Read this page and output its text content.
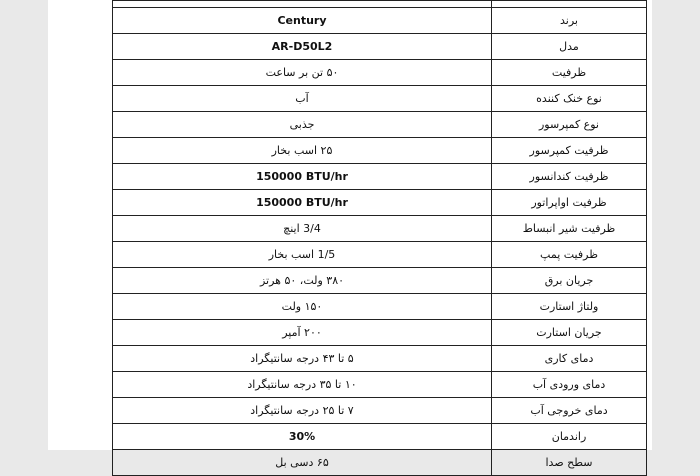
Century	برند
AR-D50L2	مدل
۵۰ تن بر ساعت	ظرفیت
آب	نوع خنک کننده
جذبی	نوع کمپرسور
۲۵ اسب بخار	ظرفیت کمپرسور
150000 BTU/hr	ظرفیت کندانسور
150000 BTU/hr	ظرفیت اواپراتور
3/4 اینچ	ظرفیت شیر انبساط
1/5 اسب بخار	ظرفیت پمپ
۳۸۰ ولت، ۵۰ هرتز	جریان برق
۱۵۰ ولت	ولتاژ استارت
۲۰۰ آمپر	جریان استارت
۵ تا ۴۳ درجه سانتیگراد	دمای کاری
۱۰ تا ۳۵ درجه سانتیگراد	دمای ورودی آب
۷ تا ۲۵ درجه سانتیگراد	دمای خروجی آب
30%	راندمان
۶۵ دسی بل	سطح صدا
